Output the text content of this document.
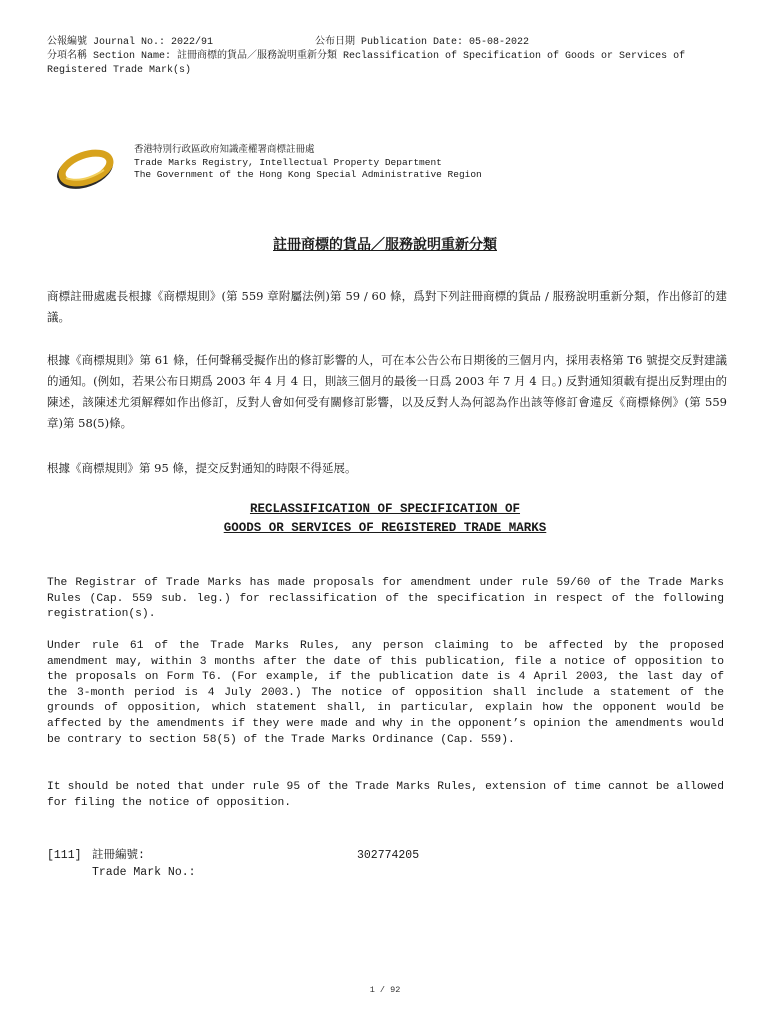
公報編號 Journal No.: 2022/91	公布日期 Publication Date: 05-08-2022
分項名稱 Section Name: 註冊商標的貨品／服務說明重新分類 Reclassification of Specification of Goods or Services of Registered Trade Mark(s)
香港特別行政區政府知識產權署商標註冊處
Trade Marks Registry, Intellectual Property Department
The Government of the Hong Kong Special Administrative Region
註冊商標的貨品／服務說明重新分類
商標註冊處處長根據《商標規則》(第 559 章附屬法例)第 59 / 60 條，爲對下列註冊商標的貨品 / 服務說明重新分類，作出修訂的建議。
根據《商標規則》第 61 條，任何聲稱受擬作出的修訂影響的人，可在本公告公布日期後的三個月内，採用表格第 T6 號提交反對建議的通知。(例如，若果公布日期爲 2003 年 4 月 4 日，則該三個月的最後一日爲 2003 年 7 月 4 日。) 反對通知須載有提出反對理由的陳述，該陳述尤須解釋如作出修訂，反對人會如何受有關修訂影響，以及反對人為何認為作出該等修訂會違反《商標條例》(第 559 章)第 58(5)條。
根據《商標規則》第 95 條，提交反對通知的時限不得延展。
RECLASSIFICATION OF SPECIFICATION OF
GOODS OR SERVICES OF REGISTERED TRADE MARKS
The Registrar of Trade Marks has made proposals for amendment under rule 59/60 of the Trade Marks Rules (Cap. 559 sub. leg.) for reclassification of the specification in respect of the following registration(s).
Under rule 61 of the Trade Marks Rules, any person claiming to be affected by the proposed amendment may, within 3 months after the date of this publication, file a notice of opposition to the proposals on Form T6. (For example, if the publication date is 4 April 2003, the last day of the 3-month period is 4 July 2003.) The notice of opposition shall include a statement of the grounds of opposition, which statement shall, in particular, explain how the opponent would be affected by the amendments if they were made and why in the opponent’s opinion the amendments would be contrary to section 58(5) of the Trade Marks Ordinance (Cap. 559).
It should be noted that under rule 95 of the Trade Marks Rules, extension of time cannot be allowed for filing the notice of opposition.
[111] 註冊編號:
Trade Mark No.:
302774205
1 / 92
